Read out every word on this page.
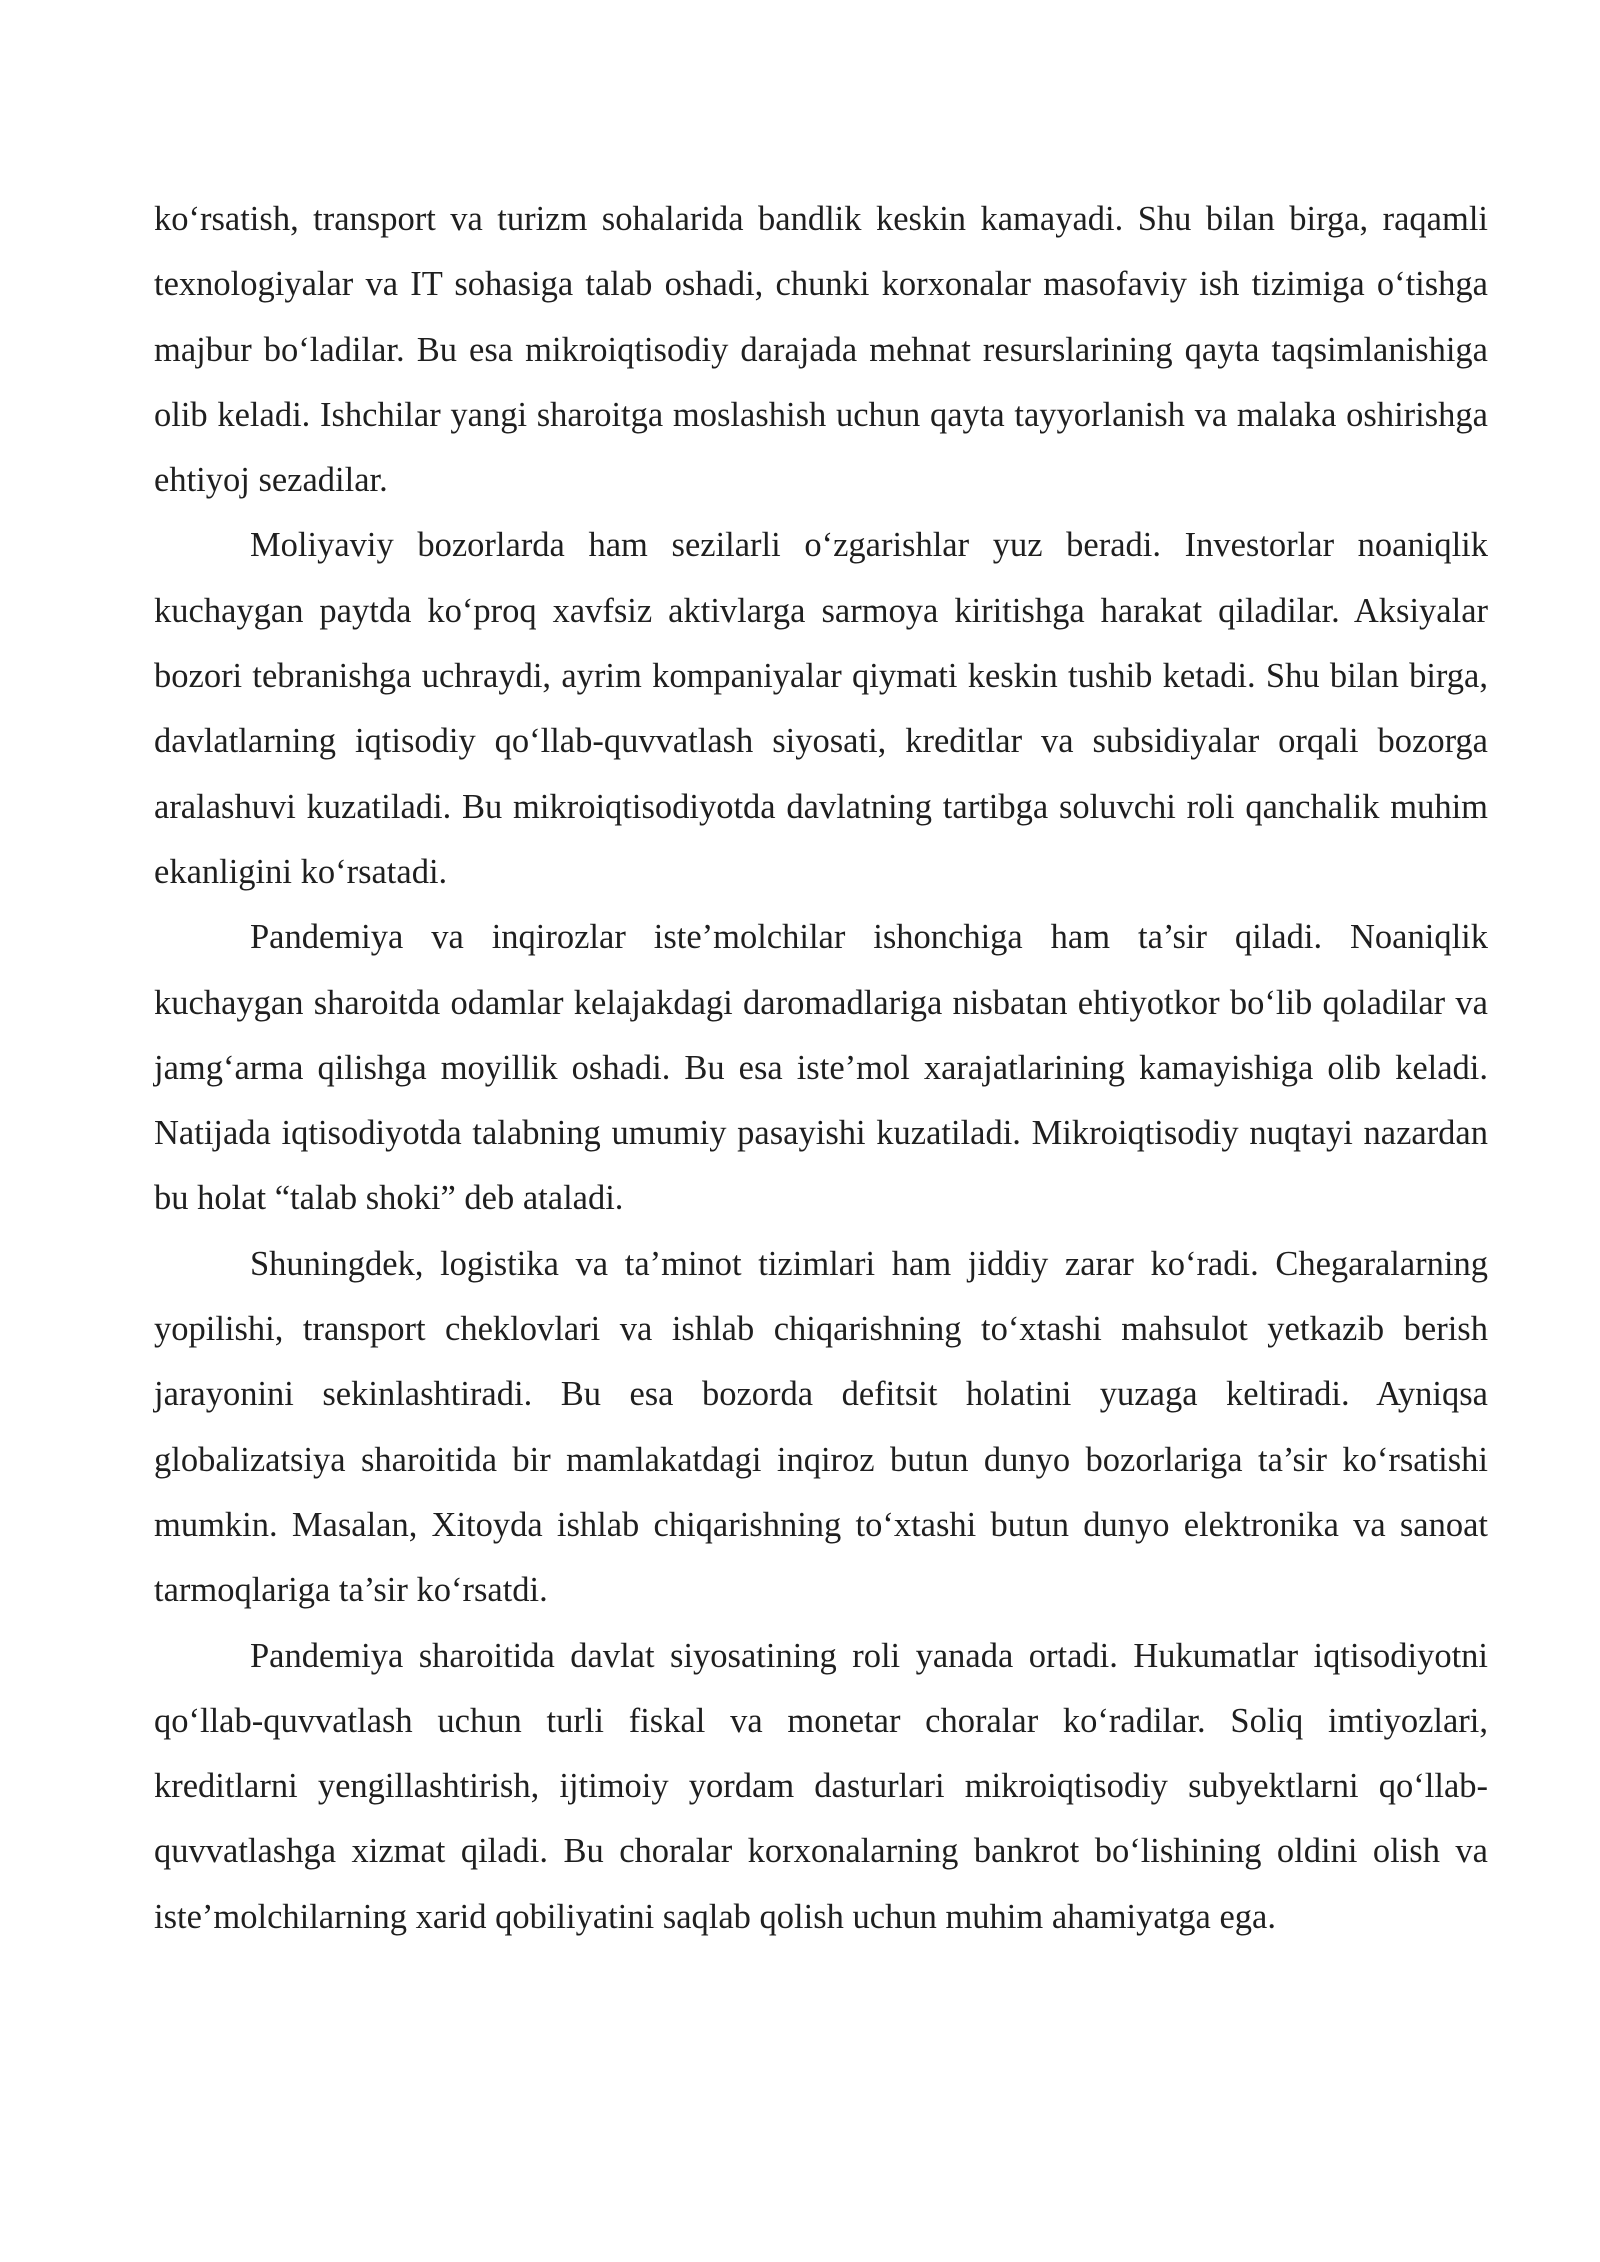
ko‘rsatish, transport va turizm sohalarida bandlik keskin kamayadi. Shu bilan birga, raqamli texnologiyalar va IT sohasiga talab oshadi, chunki korxonalar masofaviy ish tizimiga o‘tishga majbur bo‘ladilar. Bu esa mikroiqtisodiy darajada mehnat resurslarining qayta taqsimlanishiga olib keladi. Ishchilar yangi sharoitga moslashish uchun qayta tayyorlanish va malaka oshirishga ehtiyoj sezadilar.

Moliyaviy bozorlarda ham sezilarli o‘zgarishlar yuz beradi. Investorlar noaniqlik kuchaygan paytda ko‘proq xavfsiz aktivlarga sarmoya kiritishga harakat qiladilar. Aksiyalar bozori tebranishga uchraydi, ayrim kompaniyalar qiymati keskin tushib ketadi. Shu bilan birga, davlatlarning iqtisodiy qo‘llab-quvvatlash siyosati, kreditlar va subsidiyalar orqali bozorga aralashuvi kuzatiladi. Bu mikroiqtisodiyotda davlatning tartibga soluvchi roli qanchalik muhim ekanligini ko‘rsatadi.

Pandemiya va inqirozlar iste’molchilar ishonchiga ham ta’sir qiladi. Noaniqlik kuchaygan sharoitda odamlar kelajakdagi daromadlariga nisbatan ehtiyotkor bo‘lib qoladilar va jamg‘arma qilishga moyillik oshadi. Bu esa iste’mol xarajatlarining kamayishiga olib keladi. Natijada iqtisodiyotda talabning umumiy pasayishi kuzatiladi. Mikroiqtisodiy nuqtayi nazardan bu holat “talab shoki” deb ataladi.

Shuningdek, logistika va ta’minot tizimlari ham jiddiy zarar ko‘radi. Chegaralarning yopilishi, transport cheklovlari va ishlab chiqarishning to‘xtashi mahsulot yetkazib berish jarayonini sekinlashtiradi. Bu esa bozorda defitsit holatini yuzaga keltiradi. Ayniqsa globalizatsiya sharoitida bir mamlakatdagi inqiroz butun dunyo bozorlariga ta’sir ko‘rsatishi mumkin. Masalan, Xitoyda ishlab chiqarishning to‘xtashi butun dunyo elektronika va sanoat tarmoqlariga ta’sir ko‘rsatdi.

Pandemiya sharoitida davlat siyosatining roli yanada ortadi. Hukumatlar iqtisodiyotni qo‘llab-quvvatlash uchun turli fiskal va monetar choralar ko‘radilar. Soliq imtiyozlari, kreditlarni yengillashtirish, ijtimoiy yordam dasturlari mikroiqtisodiy subyektlarni qo‘llab-quvvatlashga xizmat qiladi. Bu choralar korxonalarning bankrot bo‘lishining oldini olish va iste’molchilarning xarid qobiliyatini saqlab qolish uchun muhim ahamiyatga ega.
